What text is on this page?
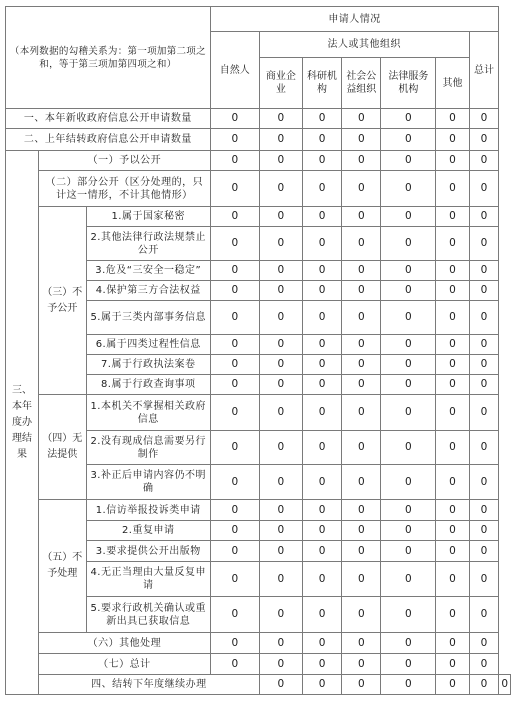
（本列数据的勾稽关系为：第一项加第二项之和，等于第三项加第四项之和）			申请人情况							
			自然人	法人或其他组织					总计	
				商业企业	科研机构	社会公益组织	法律服务机构	其他		
一、本年新收政府信息公开申请数量			0	0	0	0	0	0	0	
二、上年结转政府信息公开申请数量			0	0	0	0	0	0	0	
三、本年度办理结果	（一）予以公开		0	0	0	0	0	0	0	
	（二）部分公开（区分处理的，只计这一情形，不计其他情形）		0	0	0	0	0	0	0	
	（三）不予公开	1.属于国家秘密	0	0	0	0	0	0	0	
		2.其他法律行政法规禁止公开	0	0	0	0	0	0	0	
		3.危及“三安全一稳定”	0	0	0	0	0	0	0	
		4.保护第三方合法权益	0	0	0	0	0	0	0	
		5.属于三类内部事务信息	0	0	0	0	0	0	0	
		6.属于四类过程性信息	0	0	0	0	0	0	0	
		7.属于行政执法案卷	0	0	0	0	0	0	0	
		8.属于行政查询事项	0	0	0	0	0	0	0	
	（四）无法提供	1.本机关不掌握相关政府信息	0	0	0	0	0	0	0	
		2.没有现成信息需要另行制作	0	0	0	0	0	0	0	
		3.补正后申请内容仍不明确	0	0	0	0	0	0	0	
	（五）不予处理	1.信访举报投诉类申请	0	0	0	0	0	0	0	
		2.重复申请	0	0	0	0	0	0	0	
		3.要求提供公开出版物	0	0	0	0	0	0	0	
		4.无正当理由大量反复申请	0	0	0	0	0	0	0	
		5.要求行政机关确认或重新出具已获取信息	0	0	0	0	0	0	0	
	（六）其他处理		0	0	0	0	0	0	0	
	（七）总计		0	0	0	0	0	0	0	
	四、结转下年度继续办理			0	0	0	0	0	0	0
